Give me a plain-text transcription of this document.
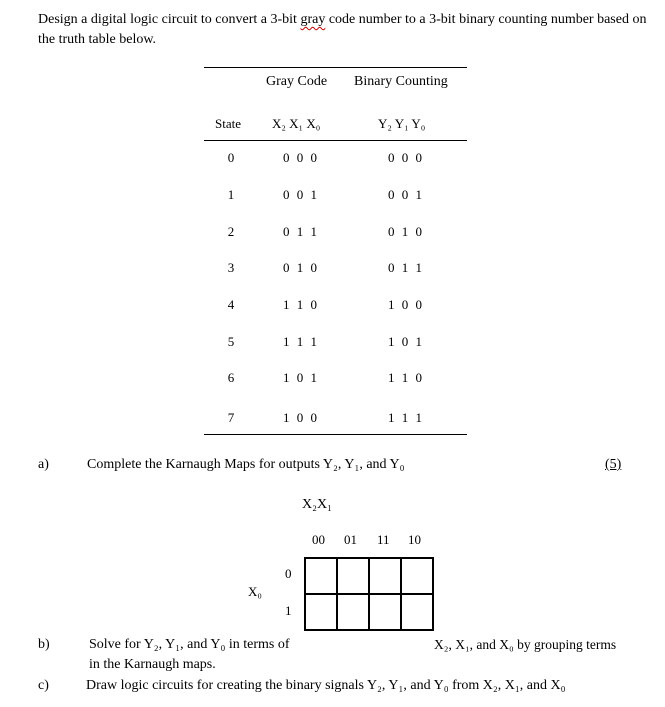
Design a digital logic circuit to convert a 3-bit gray code number to a 3-bit binary counting number based on the truth table below.
Gray Code Binary Counting
State X₂ X₁ X₀	Y₂ Y₁ Y₀
0	0 0 0	0 0 0
1	0 0 1	0 0 1
2	0 1 1	0 1 0
3	0 1 0	0 1 1
4	1 1 0	1 0 0
5	1 1 1	1 0 1
6	1 0 1	1 1 0
7	1 0 0	1 1 1
a)	Complete the Karnaugh Maps for outputs Y₂, Y₁, and Y₀	(5)
X₂X₁
00 01 11 10
X₀
0
1

b)	Solve for Y₂, Y₁, and Y₀ in terms of	X₂, X₁, and X₀ by grouping terms
in the Karnaugh maps.
c)	Draw logic circuits for creating the binary signals Y₂, Y₁, and Y₀ from X₂, X₁, and X₀
